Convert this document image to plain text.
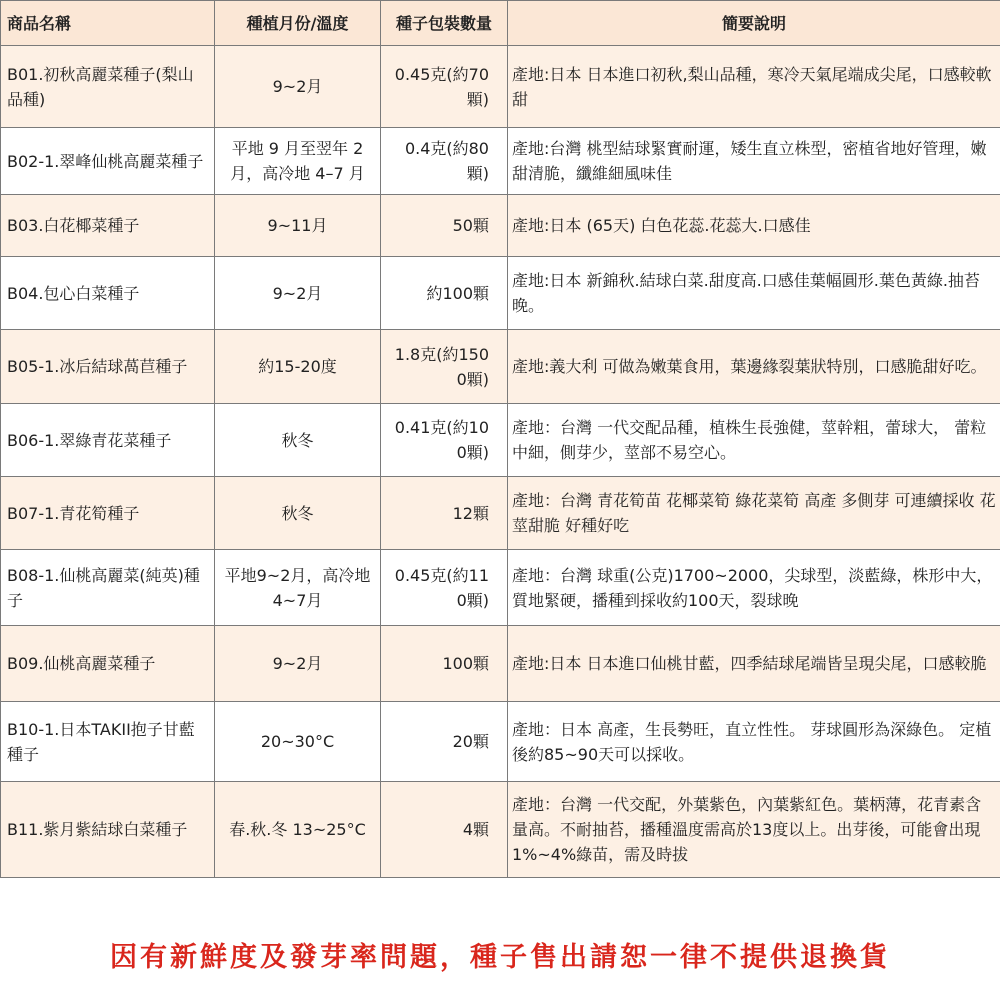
商品名稱	種植月份/溫度	種子包裝數量	簡要說明
B01.初秋高麗菜種子(梨山品種)	9~2月	0.45克(約70顆)	產地:日本 日本進口初秋,梨山品種，寒冷天氣尾端成尖尾，口感較軟甜
B02-1.翠峰仙桃高麗菜種子	平地 9 月至翌年 2 月，高冷地 4–7 月	0.4克(約80顆)	產地:台灣 桃型結球緊實耐運，矮生直立株型，密植省地好管理，嫩甜清脆，纖維細風味佳
B03.白花椰菜種子	9~11月	50顆	產地:日本 (65天) 白色花蕊.花蕊大.口感佳
B04.包心白菜種子	9~2月	約100顆	產地:日本 新錦秋.結球白菜.甜度高.口感佳葉幅圓形.葉色黃綠.抽苔晚。
B05-1.冰后結球萵苣種子	約15-20度	1.8克(約1500顆)	產地:義大利 可做為嫩葉食用，葉邊緣裂葉狀特別，口感脆甜好吃。
B06-1.翠綠青花菜種子	秋冬	0.41克(約100顆)	產地：台灣 一代交配品種，植株生長強健，莖幹粗，蕾球大， 蕾粒中細，側芽少，莖部不易空心。
B07-1.青花筍種子	秋冬	12顆	產地：台灣 青花筍苗 花椰菜筍 綠花菜筍 高產 多側芽 可連續採收 花莖甜脆 好種好吃
B08-1.仙桃高麗菜(純英)種子	平地9~2月，高冷地4~7月	0.45克(約110顆)	產地：台灣 球重(公克)1700~2000，尖球型，淡藍綠，株形中大，質地緊硬，播種到採收約100天，裂球晚
B09.仙桃高麗菜種子	9~2月	100顆	產地:日本 日本進口仙桃甘藍，四季結球尾端皆呈現尖尾，口感較脆
B10-1.日本TAKII抱子甘藍種子	20~30°C	20顆	產地：日本 高產，生長勢旺，直立性性。 芽球圓形為深綠色。 定植後約85~90天可以採收。
B11.紫月紫結球白菜種子	春.秋.冬 13~25°C	4顆	產地：台灣 一代交配，外葉紫色，內葉紫紅色。葉柄薄，花青素含量高。不耐抽苔，播種溫度需高於13度以上。出芽後，可能會出現1%~4%綠苗，需及時拔
因有新鮮度及發芽率問題，種子售出請恕一律不提供退換貨
